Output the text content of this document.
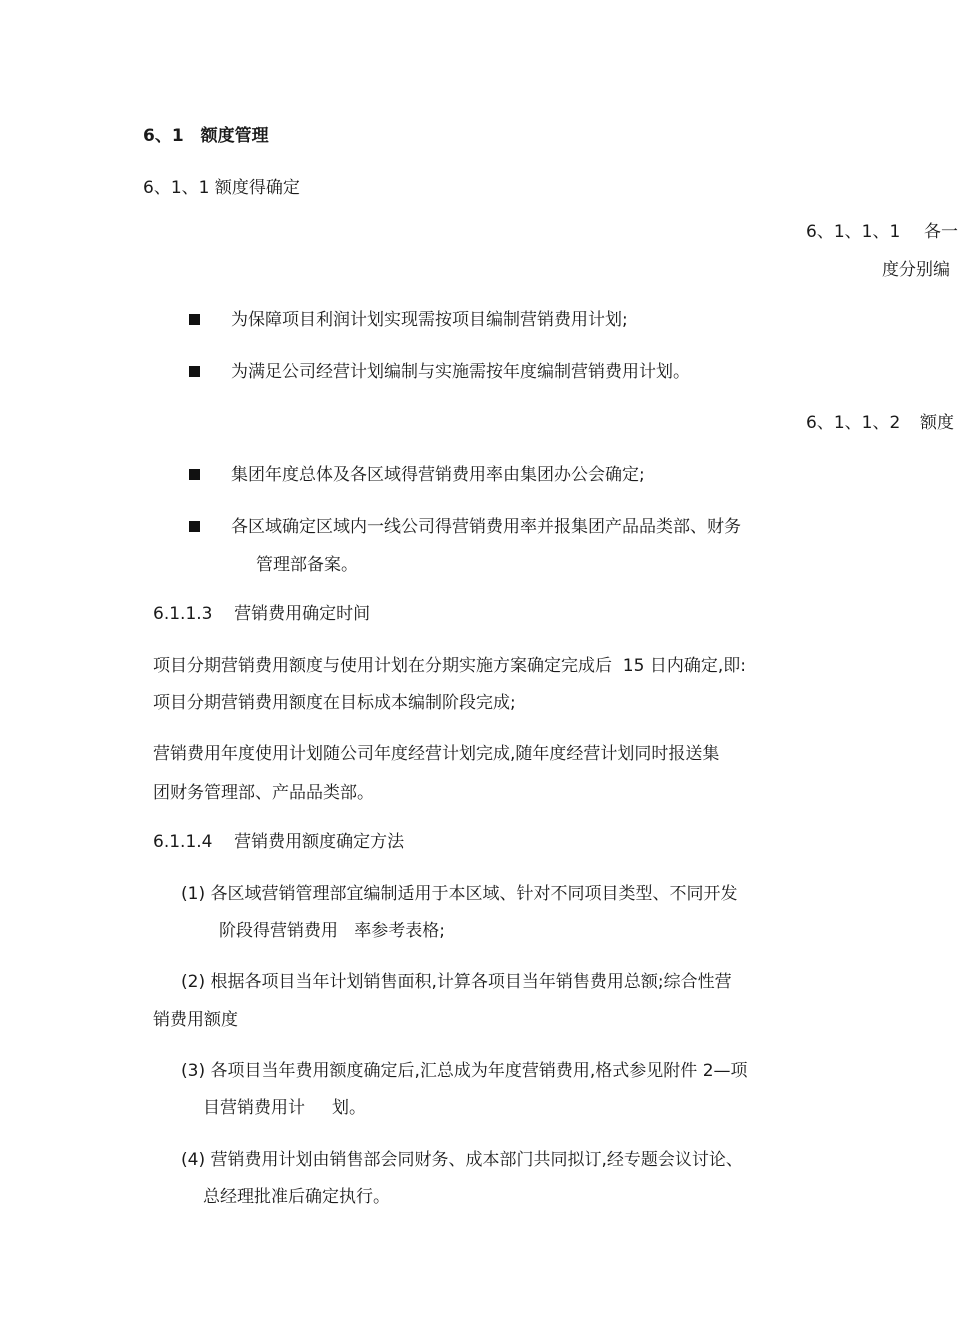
6、1　额度管理
6、1、1 额度得确定
6、1、1、1 各一
度分别编
为保障项目利润计划实现需按项目编制营销费用计划;
为满足公司经营计划编制与实施需按年度编制营销费用计划。
6、1、1、2 额度
集团年度总体及各区域得营销费用率由集团办公会确定;
各区域确定区域内一线公司得营销费用率并报集团产品品类部、财务
管理部备案。
6.1.1.3    营销费用确定时间
项目分期营销费用额度与使用计划在分期实施方案确定完成后  15 日内确定,即:
项目分期营销费用额度在目标成本编制阶段完成;
营销费用年度使用计划随公司年度经营计划完成,随年度经营计划同时报送集
团财务管理部、产品品类部。
6.1.1.4    营销费用额度确定方法
(1) 各区域营销管理部宜编制适用于本区域、针对不同项目类型、不同开发
阶段得营销费用   率参考表格;
(2) 根据各项目当年计划销售面积,计算各项目当年销售费用总额;综合性营
销费用额度
(3) 各项目当年费用额度确定后,汇总成为年度营销费用,格式参见附件 2—项
目营销费用计     划。
(4) 营销费用计划由销售部会同财务、成本部门共同拟订,经专题会议讨论、
总经理批准后确定执行。
